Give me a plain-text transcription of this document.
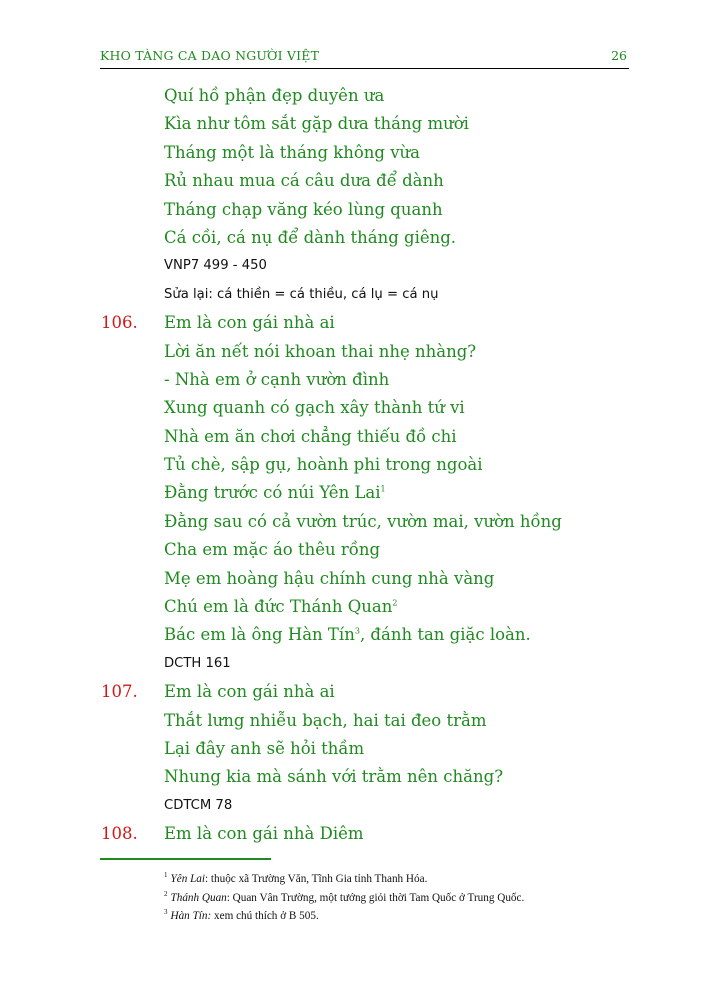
KHO TÀNG CA DAO NGƯỜI VIỆT	26
Quí hồ phận đẹp duyên ưa
Kìa như tôm sắt gặp dưa tháng mười
Tháng một là tháng không vừa
Rủ nhau mua cá câu dưa để dành
Tháng chạp văng kéo lùng quanh
Cá cồi, cá nụ để dành tháng giêng.
VNP7 499 - 450
Sửa lại: cá thiền = cá thiều, cá lụ = cá nụ
106. Em là con gái nhà ai
Lời ăn nết nói khoan thai nhẹ nhàng?
- Nhà em ở cạnh vườn đình
Xung quanh có gạch xây thành tứ vi
Nhà em ăn chơi chẳng thiếu đồ chi
Tủ chè, sập gụ, hoành phi trong ngoài
Đằng trước có núi Yên Lai$^1$
Đằng sau có cả vườn trúc, vườn mai, vườn hồng
Cha em mặc áo thêu rồng
Mẹ em hoàng hậu chính cung nhà vàng
Chú em là đức Thánh Quan$^2$
Bác em là ông Hàn Tín$^3$, đánh tan giặc loàn.
DCTH 161
107. Em là con gái nhà ai
Thắt lưng nhiễu bạch, hai tai đeo trằm
Lại đây anh sẽ hỏi thầm
Nhung kia mà sánh với trằm nên chăng?
CDTCM 78
108. Em là con gái nhà Diêm
$^1$ Yên Lai: thuộc xã Trường Văn, Tĩnh Gia tỉnh Thanh Hóa.
$^2$ Thánh Quan: Quan Vân Trường, một tướng giỏi thời Tam Quốc ở Trung Quốc.
$^3$ Hàn Tín: xem chú thích ở B 505.
